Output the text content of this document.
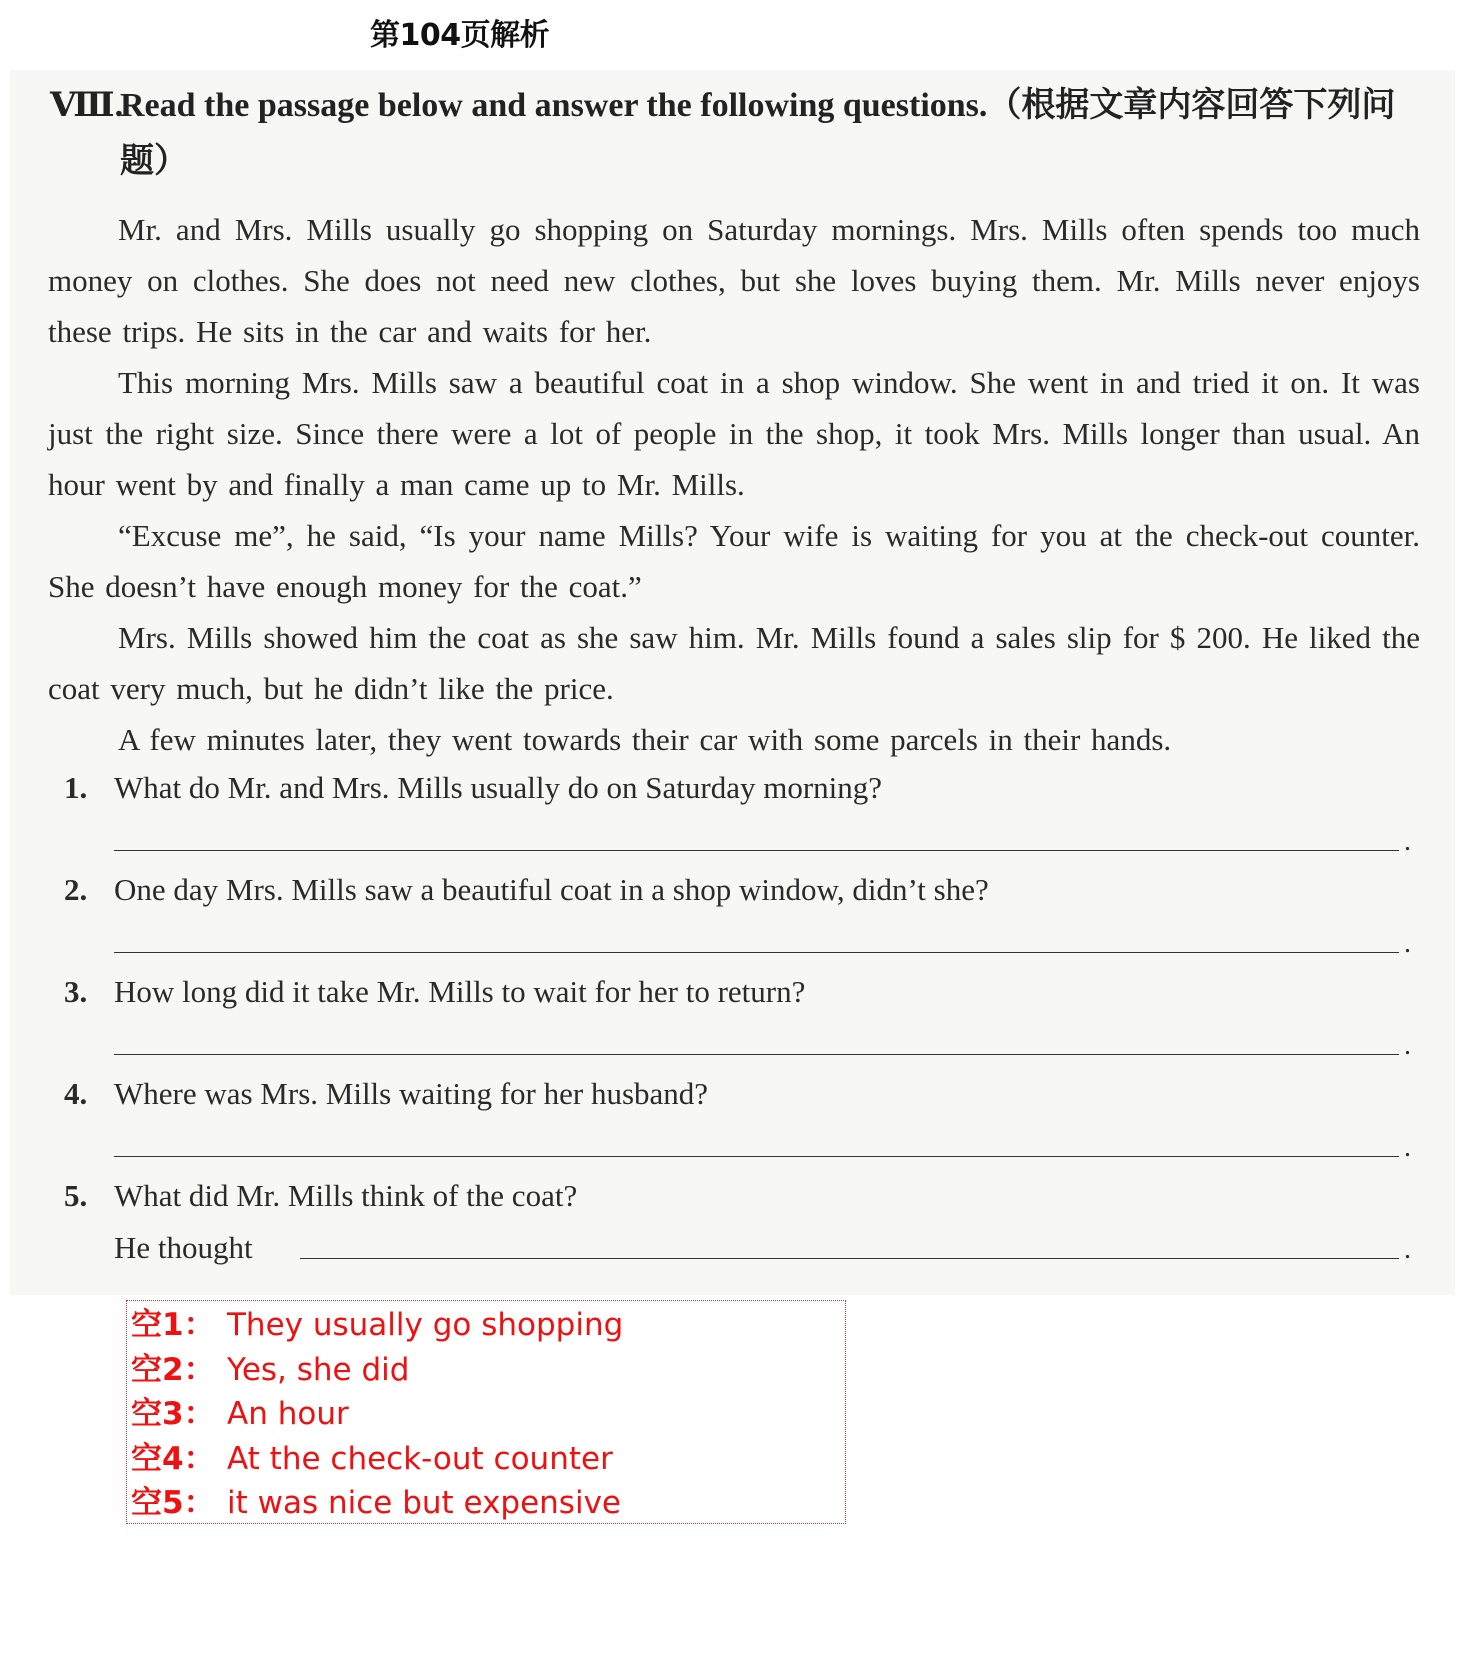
第104页解析
Ⅷ.Read the passage below and answer the following questions.（根据文章内容回答下列问题）

Mr. and Mrs. Mills usually go shopping on Saturday mornings. Mrs. Mills often spends too much money on clothes. She does not need new clothes, but she loves buying them. Mr. Mills never enjoys these trips. He sits in the car and waits for her.

This morning Mrs. Mills saw a beautiful coat in a shop window. She went in and tried it on. It was just the right size. Since there were a lot of people in the shop, it took Mrs. Mills longer than usual. An hour went by and finally a man came up to Mr. Mills.

“Excuse me”, he said, “Is your name Mills? Your wife is waiting for you at the check-out counter. She doesn’t have enough money for the coat.”

Mrs. Mills showed him the coat as she saw him. Mr. Mills found a sales slip for $ 200. He liked the coat very much, but he didn’t like the price.

A few minutes later, they went towards their car with some parcels in their hands.

1. What do Mr. and Mrs. Mills usually do on Saturday morning?
.
2. One day Mrs. Mills saw a beautiful coat in a shop window, didn’t she?
.
3. How long did it take Mr. Mills to wait for her to return?
.
4. Where was Mrs. Mills waiting for her husband?
.
5. What did Mr. Mills think of the coat?
He thought	.
空1： They usually go shopping
空2： Yes, she did
空3： An hour
空4： At the check-out counter
空5： it was nice but expensive
